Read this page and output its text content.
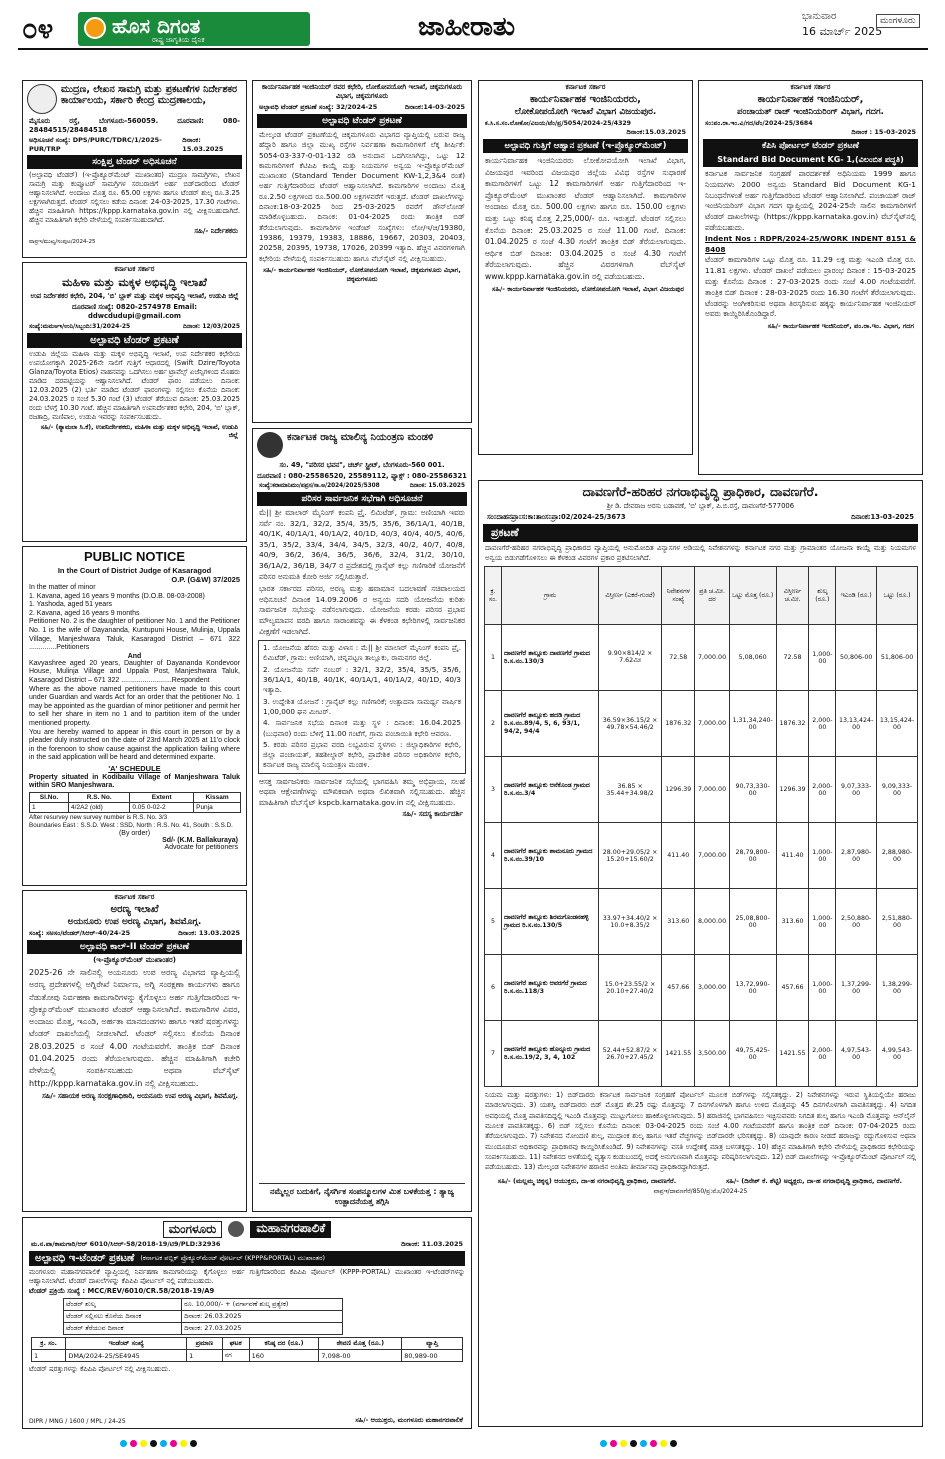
೦೪	ಹೊಸ ದಿಗಂತ
ರಾಷ್ಟ್ರ ಜಾಗೃತಿಯ ದೈನಿಕ	ಜಾಹೀರಾತು	ಭಾನುವಾರ
16 ಮಾರ್ಚ್ 2025
ಮಂಗಳೂರು
ಮುದ್ರಣ, ಲೇಖನ ಸಾಮಗ್ರಿ ಮತ್ತು ಪ್ರಕಟಣೆಗಳ ನಿರ್ದೇಶಕರ ಕಾರ್ಯಾಲಯ, ಸರ್ಕಾರಿ ಕೇಂದ್ರ ಮುದ್ರಣಾಲಯ,
ಮೈಸೂರು ರಸ್ತೆ, ಬೆಂಗಳೂರು-560059. ದೂರವಾಣಿ: 080-28484515/28484518
ಅಧಿಸೂಚನೆ ಸಂಖ್ಯೆ: DPS/PURC/TDRC/1/2025-PUR/TRP
ದಿನಾಂಕ: 15.03.2025
ಸಂಕ್ಷಿಪ್ತ ಟೆಂಡರ್ ಅಧಿಸೂಚನೆ
(ಅಲ್ಪಾವಧಿ ಟೆಂಡರ್) (ಇ-ಪ್ರೊಕ್ಯೂರ್‌ಮೆಂಟ್ ಮುಖಾಂತರ) ಮುದ್ರಣ ಸಾಮಗ್ರಿಗಳು, ಲೇಖನ ಸಾಮಗ್ರಿ ಮತ್ತು ಕಂಪ್ಯೂಟರ್ ಸಾಮಗ್ರಿಗಳ ಸರಬರಾಜಿಗೆ ಅರ್ಹ ಬಿಡ್‌ದಾರರಿಂದ ಟೆಂಡರ್ ಆಹ್ವಾನಿಸಲಾಗಿದೆ. ಅಂದಾಜು ಮೊತ್ತ ರೂ. 65.00 ಲಕ್ಷಗಳು ಹಾಗೂ ಟೆಂಡರ್ ಶುಲ್ಕ ರೂ.3.25 ಲಕ್ಷಗಳಾಗಿರುತ್ತದೆ. ಟೆಂಡರ್ ಸಲ್ಲಿಸಲು ಕಡೆಯ ದಿನಾಂಕ: 24-03-2025, 17.30 ಗಂಟೆಗಳು. ಹೆಚ್ಚಿನ ಮಾಹಿತಿಗಾಗಿ https://kppp.karnataka.gov.in ನಲ್ಲಿ ವೀಕ್ಷಿಸಬಹುದಾಗಿದೆ. ಹೆಚ್ಚಿನ ಮಾಹಿತಿಗಾಗಿ ಕಛೇರಿ ವೇಳೆಯಲ್ಲಿ ಸಂಪರ್ಕಿಸಬಹುದಾಗಿದೆ.
ಸಹಿ/- ನಿರ್ದೇಶಕರು
ವಾಪ್ರಇ/ಮುಖ್ಯ/ಸಂಪುಟ/2024-25
ಕರ್ನಾಟಕ ಸರ್ಕಾರ
ಮಹಿಳಾ ಮತ್ತು ಮಕ್ಕಳ ಅಭಿವೃದ್ಧಿ ಇಲಾಖೆ
ಉಪ ನಿರ್ದೇಶಕರ ಕಛೇರಿ, 204, 'ಬಿ' ಬ್ಲಾಕ್ ಮತ್ತು ಮಕ್ಕಳ ಅಭಿವೃದ್ಧಿ ಇಲಾಖೆ, ಉಡುಪಿ ಜಿಲ್ಲೆ
ದೂರವಾಣಿ ಸಂಖ್ಯೆ: 0820-2574978 Email: ddwcdudupi@gmail.com
ಸಂಖ್ಯೆ:ಮಮಅಇ/ಉನಿ/ಸಿಬ್ಬಂದಿ:31/2024-25	ದಿನಾಂಕ: 12/03/2025
ಅಲ್ಪಾವಧಿ ಟೆಂಡರ್ ಪ್ರಕಟಣೆ
ಉಡುಪಿ ಜಿಲ್ಲೆಯ ಮಹಿಳಾ ಮತ್ತು ಮಕ್ಕಳ ಅಭಿವೃದ್ಧಿ ಇಲಾಖೆ, ಉಪ ನಿರ್ದೇಶಕರ ಕಛೇರಿಯ ಉಪಯೋಗಕ್ಕಾಗಿ 2025-26ನೇ ಸಾಲಿಗೆ ಗುತ್ತಿಗೆ ಆಧಾರದಲ್ಲಿ (Swift Dzire/Toyota Glanza/Toyota Etios) ವಾಹನವನ್ನು ಒದಗಿಸಲು ಅರ್ಹ ಟ್ರಾವೆಲ್ಸ್ ಏಜೆನ್ಸಿಗಳಿಂದ ಮೊಹರು ಮಾಡಿದ ದರಪಟ್ಟಿಯನ್ನು ಆಹ್ವಾನಿಸಲಾಗಿದೆ. ಟೆಂಡರ್ ಫಾರಂ ಪಡೆಯಲು ದಿನಾಂಕ: 12.03.2025 (2) ಭರ್ತಿ ಮಾಡಿದ ಟೆಂಡರ್ ಫಾರಂಗಳನ್ನು ಸಲ್ಲಿಸಲು ಕೊನೆಯ ದಿನಾಂಕ: 24.03.2025 ರ ಸಂಜೆ 5.30 ಗಂಟೆ (3) ಟೆಂಡರ್ ತೆರೆಯುವ ದಿನಾಂಕ: 25.03.2025 ರಂದು ಬೆಳಗ್ಗೆ 10.30 ಗಂಟೆ. ಹೆಚ್ಚಿನ ಮಾಹಿತಿಗಾಗಿ ಉಪನಿರ್ದೇಶಕರ ಕಛೇರಿ, 204, 'ಬಿ' ಬ್ಲಾಕ್, ರಜತಾದ್ರಿ, ಮಣಿಪಾಲ, ಉಡುಪಿ ಇವರನ್ನು ಸಂಪರ್ಕಿಸಬಹುದು.
ಸಹಿ/- (ಶ್ಯಾಮಲಾ ಸಿ.ಕೆ), ಉಪನಿರ್ದೇಶಕರು, ಮಹಿಳಾ ಮತ್ತು ಮಕ್ಕಳ ಅಭಿವೃದ್ಧಿ ಇಲಾಖೆ, ಉಡುಪಿ ಜಿಲ್ಲೆ
PUBLIC NOTICE
In the Court of District Judge of Kasaragod
O.P. (G&W) 37/2025
In the matter of minor
1. Kavana, aged 16 years 9 months (D.O.B. 08-03-2008)
1. Yashoda, aged 51 years
2. Kavana, aged 16 years 9 months
Petitioner No. 2 is the daughter of petitioner No. 1 and the Petitioner No. 1 is the wife of Dayananda, Kuntupuni House, Mulinja, Uppala Village, Manjeshwara Taluk, Kasaragod District – 671 322 ..............Petitioners
And
Kavyashree aged 20 years, Daughter of Dayananda Kondevoor House, Mulinja Village and Uppala Post, Manjeshwara Taluk, Kasaragod District – 671 322 ..........................Respondent
Where as the above named petitioners have made to this court under Guardian and wards Act for an order that the petitioner No. 1 may be appointed as the guardian of minor petitioner and permit her to sell her share in item no 1 and to partition item of the under mentioned property.
You are hereby warned to appear in this court in person or by a pleader duly instructed on the date of 23rd March 2025 at 11'o clock in the forenoon to show cause against the application failing where in the said application will be heard and determined exparte.
'A' SCHEDULE
Property situated in Kodibailu Village of Manjeshwara Taluk within SRO Manjeshwara.
Sl.No.	R.S. No.	Extent	Kissam
1	4/2A2 (old)	0.05 0-02-2	Punja
After resurvey new survey number is R.S. No. 3/3
Boundaries East : S.S.D. West : SSD, North : R.S. No. 41, South : S.S.D.
(By order)
Sd/- (K.M. Ballakuraya)
Advocate for petitioners
ಕರ್ನಾಟಕ ಸರ್ಕಾರ
ಅರಣ್ಯ ಇಲಾಖೆ
ಅಯನೂರು ಉಪ ಅರಣ್ಯ ವಿಭಾಗ, ಶಿವಮೊಗ್ಗ.
ಸಂಖ್ಯೆ: ಸಅಸಂ/ಟೆಂಡರ್/ಸಿಆರ್-40/24-25	ದಿನಾಂಕ: 13.03.2025
ಅಲ್ಪಾವಧಿ ಕಾಲ್-II ಟೆಂಡರ್ ಪ್ರಕಟಣೆ
(ಇ-ಪ್ರೊಕ್ಯೂರ್‌ಮೆಂಟ್ ಮುಖಾಂತರ)
2025-26 ನೇ ಸಾಲಿನಲ್ಲಿ ಅಯನೂರು ಉಪ ಅರಣ್ಯ ವಿಭಾಗದ ವ್ಯಾಪ್ತಿಯಲ್ಲಿ ಅರಣ್ಯ ಪ್ರದೇಶಗಳಲ್ಲಿ ಅಗ್ನಿರೇಖೆ ನಿರ್ಮಾಣ, ಅಗ್ನಿ ಸಂರಕ್ಷಣಾ ಕಾರ್ಯಗಳು ಹಾಗೂ ನೆಡುತೋಪು ನಿರ್ವಹಣಾ ಕಾಮಗಾರಿಗಳನ್ನು ಕೈಗೊಳ್ಳಲು ಅರ್ಹ ಗುತ್ತಿಗೆದಾರರಿಂದ ಇ-ಪ್ರೊಕ್ಯೂರ್‌ಮೆಂಟ್ ಮುಖಾಂತರ ಟೆಂಡರ್ ಆಹ್ವಾನಿಸಲಾಗಿದೆ. ಕಾಮಗಾರಿಗಳ ವಿವರ, ಅಂದಾಜು ಮೊತ್ತ, ಇಎಂಡಿ, ಅರ್ಹತಾ ಮಾನದಂಡಗಳು ಹಾಗೂ ಇತರೆ ಷರತ್ತುಗಳನ್ನು ಟೆಂಡರ್ ದಾಖಲೆಯಲ್ಲಿ ನೀಡಲಾಗಿದೆ. ಟೆಂಡರ್ ಸಲ್ಲಿಸಲು ಕೊನೆಯ ದಿನಾಂಕ 28.03.2025 ರ ಸಂಜೆ 4.00 ಗಂಟೆಯವರೆಗೆ. ತಾಂತ್ರಿಕ ಬಿಡ್ ದಿನಾಂಕ 01.04.2025 ರಂದು ತೆರೆಯಲಾಗುವುದು. ಹೆಚ್ಚಿನ ಮಾಹಿತಿಗಾಗಿ ಕಚೇರಿ ವೇಳೆಯಲ್ಲಿ ಸಂಪರ್ಕಿಸಬಹುದು ಅಥವಾ ವೆಬ್‌ಸೈಟ್ http://kppp.karnataka.gov.in ನಲ್ಲಿ ವೀಕ್ಷಿಸಬಹುದು.
ಸಹಿ/- ಸಹಾಯಕ ಅರಣ್ಯ ಸಂರಕ್ಷಣಾಧಿಕಾರಿ, ಅಯನೂರು ಉಪ ಅರಣ್ಯ ವಿಭಾಗ, ಶಿವಮೊಗ್ಗ.
ಕಾರ್ಯನಿರ್ವಾಹಕ ಇಂಜಿನಿಯರ್ ರವರ ಕಛೇರಿ, ಲೋಕೋಪಯೋಗಿ ಇಲಾಖೆ, ಚಿಕ್ಕಮಗಳೂರು ವಿಭಾಗ, ಚಿಕ್ಕಮಗಳೂರು
ಅಲ್ಪಾವಧಿ ಟೆಂಡರ್ ಪ್ರಕಟಣೆ ಸಂಖ್ಯೆ: 32/2024-25	ದಿನಾಂಕ:14-03-2025
ಅಲ್ಪಾವಧಿ ಟೆಂಡರ್ ಪ್ರಕಟಣೆ
ಮೇಲ್ಕಂಡ ಟೆಂಡರ್ ಪ್ರಕಟಣೆಯಲ್ಲಿ ಚಿಕ್ಕಮಗಳೂರು ವಿಭಾಗದ ವ್ಯಾಪ್ತಿಯಲ್ಲಿ ಬರುವ ರಾಜ್ಯ ಹೆದ್ದಾರಿ ಹಾಗೂ ಜಿಲ್ಲಾ ಮುಖ್ಯ ರಸ್ತೆಗಳ ನಿರ್ವಹಣಾ ಕಾಮಗಾರಿಗಳಿಗೆ ಲೆಕ್ಕ ಶೀರ್ಷಿಕೆ: 5054-03-337-0-01-132 ರಡಿ ಅನುದಾನ ಒದಗಿಸಲಾಗಿದ್ದು, ಒಟ್ಟು 12 ಕಾಮಗಾರಿಗಳಿಗೆ ಕೆಟಿಪಿಪಿ ಕಾಯ್ದೆ ಮತ್ತು ನಿಯಮಗಳ ಅನ್ವಯ ಇ-ಪ್ರೊಕ್ಯೂರ್‌ಮೆಂಟ್ ಮುಖಾಂತರ (Standard Tender Document KW-1,2,3&4 ರಂತೆ) ಅರ್ಹ ಗುತ್ತಿಗೆದಾರರಿಂದ ಟೆಂಡರ್ ಆಹ್ವಾನಿಸಲಾಗಿದೆ. ಕಾಮಗಾರಿಗಳ ಅಂದಾಜು ಮೊತ್ತ ರೂ.2.50 ಲಕ್ಷಗಳಿಂದ ರೂ.500.00 ಲಕ್ಷಗಳವರೆಗೆ ಇರುತ್ತದೆ. ಟೆಂಡರ್ ದಾಖಲೆಗಳನ್ನು ದಿನಾಂಕ:18-03-2025 ರಿಂದ 25-03-2025 ರವರೆಗೆ ಡೌನ್‌ಲೋಡ್ ಮಾಡಿಕೊಳ್ಳಬಹುದು. ದಿನಾಂಕ: 01-04-2025 ರಂದು ತಾಂತ್ರಿಕ ಬಿಡ್ ತೆರೆಯಲಾಗುವುದು. ಕಾಮಗಾರಿಗಳ ಇಂಡೆಂಟ್ ಸಂಖ್ಯೆಗಳು: ಲೋ/ಇ/ಚಿ/19380, 19386, 19379, 19383, 18886, 19667, 20303, 20403, 20258, 20395, 19738, 17026, 20399 ಇತ್ಯಾದಿ. ಹೆಚ್ಚಿನ ವಿವರಗಳಿಗಾಗಿ ಕಛೇರಿಯ ವೇಳೆಯಲ್ಲಿ ಸಂಪರ್ಕಿಸಬಹುದು ಹಾಗೂ ವೆಬ್‌ಸೈಟ್ ನಲ್ಲಿ ವೀಕ್ಷಿಸಬಹುದು.
ಸಹಿ/- ಕಾರ್ಯನಿರ್ವಾಹಕ ಇಂಜಿನಿಯರ್, ಲೋಕೋಪಯೋಗಿ ಇಲಾಖೆ, ಚಿಕ್ಕಮಗಳೂರು ವಿಭಾಗ, ಚಿಕ್ಕಮಗಳೂರು
ಕರ್ನಾಟಕ ರಾಜ್ಯ ಮಾಲಿನ್ಯ ನಿಯಂತ್ರಣ ಮಂಡಳಿ
ಸಂ. 49, "ಪರಿಸರ ಭವನ", ಚರ್ಚ್ ಸ್ಟ್ರೀಟ್, ಬೆಂಗಳೂರು-560 001.
ದೂರವಾಣಿ : 080-25586520, 25589112, ಫ್ಯಾಕ್ಸ್ : 080-25586321
ಸಂಖ್ಯೆ:ಕರಾಮಾನಿಮಂ/ಪಪ್ರಸ/ಸಾ.ಅ/2024/2025/5308	ದಿನಾಂಕ: 15.03.2025
ಪರಿಸರ ಸಾರ್ವಜನಿಕ ಸಭೆಗಾಗಿ ಅಧಿಸೂಚನೆ
ಮೆ|| ಶ್ರೀ ಮಾಲಾರ್ ಮೈನಿಂಗ್ ಕಂಪನಿ ಪ್ರೈ. ಲಿಮಿಟೆಡ್, ಗ್ರಾಮ: ಅಣಿಯಾಗಿ ಇವರು ಸರ್ವೆ ನಂ. 32/1, 32/2, 35/4, 35/5, 35/6, 36/1A/1, 40/1B, 40/1K, 40/1A/1, 40/1A/2, 40/1D, 40/3, 40/4, 40/5, 40/6, 35/1, 35/2, 33/4, 34/4, 34/5, 32/3, 40/2, 40/7, 40/8, 40/9, 36/2, 36/4, 36/5, 36/6, 32/4, 31/2, 30/10, 36/1A/2, 36/1B, 34/7 ರ ಪ್ರದೇಶದಲ್ಲಿ ಗ್ರಾನೈಟ್ ಕಲ್ಲು ಗಣಿಗಾರಿಕೆ ಯೋಜನೆಗೆ ಪರಿಸರ ಅನುಮತಿ ಕೋರಿ ಅರ್ಜಿ ಸಲ್ಲಿಸಿರುತ್ತಾರೆ.
ಭಾರತ ಸರ್ಕಾರದ ಪರಿಸರ, ಅರಣ್ಯ ಮತ್ತು ಹವಾಮಾನ ಬದಲಾವಣೆ ಸಚಿವಾಲಯದ ಅಧಿಸೂಚನೆ ದಿನಾಂಕ 14.09.2006 ರ ಅನ್ವಯ ಸದರಿ ಯೋಜನೆಯ ಕುರಿತು ಸಾರ್ವಜನಿಕ ಸಭೆಯನ್ನು ನಡೆಸಲಾಗುವುದು. ಯೋಜನೆಯ ಕರಡು ಪರಿಸರ ಪ್ರಭಾವ ಮೌಲ್ಯಮಾಪನ ವರದಿ ಹಾಗೂ ಸಾರಾಂಶವನ್ನು ಈ ಕೆಳಕಂಡ ಕಛೇರಿಗಳಲ್ಲಿ ಸಾರ್ವಜನಿಕರ ವೀಕ್ಷಣೆಗೆ ಇಡಲಾಗಿದೆ.
1. ಯೋಜನೆಯ ಹೆಸರು ಮತ್ತು ವಿಳಾಸ : ಮೆ|| ಶ್ರೀ ಮಾಲಾರ್ ಮೈನಿಂಗ್ ಕಂಪನಿ ಪ್ರೈ. ಲಿಮಿಟೆಡ್, ಗ್ರಾಮ: ಅಣಿಯಾಗಿ, ಚನ್ನಪಟ್ಟಣ ತಾಲ್ಲೂಕು, ರಾಮನಗರ ಜಿಲ್ಲೆ.
2. ಯೋಜನೆಯ ಸರ್ವೆ ನಂಬರ್ : 32/1, 32/2, 35/4, 35/5, 35/6, 36/1A/1, 40/1B, 40/1K, 40/1A/1, 40/1A/2, 40/1D, 40/3 ಇತ್ಯಾದಿ.
3. ಉದ್ದೇಶಿತ ಯೋಜನೆ : ಗ್ರಾನೈಟ್ ಕಲ್ಲು ಗಣಿಗಾರಿಕೆ; ಉತ್ಪಾದನಾ ಸಾಮರ್ಥ್ಯ ವಾರ್ಷಿಕ 1,00,000 ಘನ ಮೀಟರ್.
4. ಸಾರ್ವಜನಿಕ ಸಭೆಯ ದಿನಾಂಕ ಮತ್ತು ಸ್ಥಳ : ದಿನಾಂಕ: 16.04.2025 (ಬುಧವಾರ) ರಂದು ಬೆಳಿಗ್ಗೆ 11.00 ಗಂಟೆಗೆ, ಗ್ರಾಮ ಪಂಚಾಯಿತಿ ಕಛೇರಿ ಆವರಣ.
5. ಕರಡು ಪರಿಸರ ಪ್ರಭಾವ ವರದಿ ಲಭ್ಯವಿರುವ ಸ್ಥಳಗಳು : ಜಿಲ್ಲಾಧಿಕಾರಿಗಳ ಕಛೇರಿ, ಜಿಲ್ಲಾ ಪಂಚಾಯತ್, ತಹಶೀಲ್ದಾರ್ ಕಛೇರಿ, ಪ್ರಾದೇಶಿಕ ಪರಿಸರ ಅಧಿಕಾರಿಗಳ ಕಛೇರಿ, ಕರ್ನಾಟಕ ರಾಜ್ಯ ಮಾಲಿನ್ಯ ನಿಯಂತ್ರಣ ಮಂಡಳಿ.
ಆಸಕ್ತ ಸಾರ್ವಜನಿಕರು ಸಾರ್ವಜನಿಕ ಸಭೆಯಲ್ಲಿ ಭಾಗವಹಿಸಿ ತಮ್ಮ ಅಭಿಪ್ರಾಯ, ಸಲಹೆ ಅಥವಾ ಆಕ್ಷೇಪಣೆಗಳನ್ನು ಮೌಖಿಕವಾಗಿ ಅಥವಾ ಲಿಖಿತವಾಗಿ ಸಲ್ಲಿಸಬಹುದು. ಹೆಚ್ಚಿನ ಮಾಹಿತಿಗಾಗಿ ವೆಬ್‌ಸೈಟ್ kspcb.karnataka.gov.in ನಲ್ಲಿ ವೀಕ್ಷಿಸಬಹುದು.
ಸಹಿ/- ಸದಸ್ಯ ಕಾರ್ಯದರ್ಶಿ
ನಮ್ಮೆಲ್ಲರ ಬದುಕಿಗೆ, ನೈಸರ್ಗಿಕ ಸಂಪನ್ಮೂಲಗಳ ಮಿತ ಬಳಕೆಯತ್ತ : ತ್ಯಾಜ್ಯ ಉತ್ಪಾದನೆಯತ್ತ ತಗ್ಗಿಸಿ
ಕರ್ನಾಟಕ ಸರ್ಕಾರ
ಕಾರ್ಯನಿರ್ವಾಹಕ ಇಂಜಿನಿಯರರು,
ಲೋಕೋಪಯೋಗಿ ಇಲಾಖೆ ವಿಭಾಗ ವಿಜಯಪುರ.
ಕ.ಸಿ.ಸ.ಸಂ.ಲೋಕೋ/ವಿಜಯ/ಟೆಂ/ಪ್ರ/5054/2024-25/4329
ದಿನಾಂಕ:15.03.2025
ಅಲ್ಪಾವಧಿ ಗುತ್ತಿಗೆ ಆಹ್ವಾನ ಪ್ರಕಟಣೆ (ಇ-ಪ್ರೊಕ್ಯೂರ್‌ಮೆಂಟ್)
ಕಾರ್ಯನಿರ್ವಾಹಕ ಇಂಜಿನಿಯರರು ಲೋಕೋಪಯೋಗಿ ಇಲಾಖೆ ವಿಭಾಗ, ವಿಜಯಪುರ ಇವರಿಂದ ವಿಜಯಪುರ ಜಿಲ್ಲೆಯ ವಿವಿಧ ರಸ್ತೆಗಳ ಸುಧಾರಣೆ ಕಾಮಗಾರಿಗಳಿಗೆ ಒಟ್ಟು 12 ಕಾಮಗಾರಿಗಳಿಗೆ ಅರ್ಹ ಗುತ್ತಿಗೆದಾರರಿಂದ ಇ-ಪ್ರೊಕ್ಯೂರ್‌ಮೆಂಟ್ ಮುಖಾಂತರ ಟೆಂಡರ್ ಆಹ್ವಾನಿಸಲಾಗಿದೆ. ಕಾಮಗಾರಿಗಳ ಅಂದಾಜು ಮೊತ್ತ ರೂ. 500.00 ಲಕ್ಷಗಳು ಹಾಗೂ ರೂ. 150.00 ಲಕ್ಷಗಳು ಮತ್ತು ಒಟ್ಟು ಕನಿಷ್ಠ ಮೊತ್ತ 2,25,000/- ರೂ. ಇರುತ್ತದೆ. ಟೆಂಡರ್ ಸಲ್ಲಿಸಲು ಕೊನೆಯ ದಿನಾಂಕ: 25.03.2025 ರ ಸಂಜೆ 11.00 ಗಂಟೆ. ದಿನಾಂಕ: 01.04.2025 ರ ಸಂಜೆ 4.30 ಗಂಟೆಗೆ ತಾಂತ್ರಿಕ ಬಿಡ್ ತೆರೆಯಲಾಗುವುದು. ಆರ್ಥಿಕ ಬಿಡ್ ದಿನಾಂಕ: 03.04.2025 ರ ಸಂಜೆ 4.30 ಗಂಟೆಗೆ ತೆರೆಯಲಾಗುವುದು. ಹೆಚ್ಚಿನ ವಿವರಗಳಿಗಾಗಿ ವೆಬ್‌ಸೈಟ್ www.kppp.karnataka.gov.in ರಲ್ಲಿ ಪಡೆಯಬಹುದು.
ಸಹಿ/- ಕಾರ್ಯನಿರ್ವಾಹಕ ಇಂಜಿನಿಯರರು, ಲೋಕೋಪಯೋಗಿ ಇಲಾಖೆ, ವಿಭಾಗ ವಿಜಯಪುರ
ಕರ್ನಾಟಕ ಸರ್ಕಾರ
ಕಾರ್ಯನಿರ್ವಾಹಕ ಇಂಜಿನಿಯರ್,
ಪಂಚಾಯತ್ ರಾಜ್ ಇಂಜಿನಿಯರಿಂಗ್ ವಿಭಾಗ, ಗದಗ.
ಸಂ:ಪಂ.ರಾ.ಇಂ.ವಿ/ಗದ/ಟೆಂ/2024-25/3684
ದಿನಾಂಕ : 15-03-2025
ಕೆಪಿಸಿ ಪೋರ್ಟಲ್ ಟೆಂಡರ್ ಪ್ರಕಟಣೆ
Standard Bid Document KG- 1,(ವಿಲಂಬಿತ ಪದ್ಧತಿ)
ಕರ್ನಾಟಕ ಸಾರ್ವಜನಿಕ ಸಂಗ್ರಹಣೆ ಪಾರದರ್ಶಕತೆ ಅಧಿನಿಯಮ 1999 ಹಾಗೂ ನಿಯಮಗಳು 2000 ಅನ್ವಯ Standard Bid Document KG-1 ನಿಬಂಧನೆಗಳಂತೆ ಅರ್ಹ ಗುತ್ತಿಗೆದಾರರಿಂದ ಟೆಂಡರ್ ಆಹ್ವಾನಿಸಲಾಗಿದೆ. ಪಂಚಾಯತ್ ರಾಜ್ ಇಂಜಿನಿಯರಿಂಗ್ ವಿಭಾಗ ಗದಗ ವ್ಯಾಪ್ತಿಯಲ್ಲಿ 2024-25ನೇ ಸಾಲಿನ ಕಾಮಗಾರಿಗಳಿಗೆ ಟೆಂಡರ್ ದಾಖಲೆಗಳನ್ನು (https://kppp.karnataka.gov.in) ವೆಬ್‌ಸೈಟ್‌ನಲ್ಲಿ ಪಡೆಯಬಹುದು.
Indent Nos : RDPR/2024-25/WORK_INDENT 8151 & 8408
ಟೆಂಡರ್ ಕಾಮಗಾರಿಗಳ ಒಟ್ಟು ಮೊತ್ತ ರೂ. 11.29 ಲಕ್ಷ ಮತ್ತು ಇಎಂಡಿ ಮೊತ್ತ ರೂ. 11.81 ಲಕ್ಷಗಳು. ಟೆಂಡರ್ ದಾಖಲೆ ಪಡೆಯಲು ಪ್ರಾರಂಭ ದಿನಾಂಕ : 15-03-2025 ಮತ್ತು ಕೊನೆಯ ದಿನಾಂಕ : 27-03-2025 ರಂದು ಸಂಜೆ 4.00 ಗಂಟೆಯವರೆಗೆ. ತಾಂತ್ರಿಕ ಬಿಡ್ ದಿನಾಂಕ : 28-03-2025 ರಂದು 16.30 ಗಂಟೆಗೆ ತೆರೆಯಲಾಗುವುದು. ಟೆಂಡರನ್ನು ಅಂಗೀಕರಿಸುವ ಅಥವಾ ತಿರಸ್ಕರಿಸುವ ಹಕ್ಕನ್ನು ಕಾರ್ಯನಿರ್ವಾಹಕ ಇಂಜಿನಿಯರ್ ಅವರು ಕಾಯ್ದಿರಿಸಿಕೊಂಡಿದ್ದಾರೆ.
ಸಹಿ/- ಕಾರ್ಯನಿರ್ವಾಹಕ ಇಂಜಿನಿಯರ್, ಪಂ.ರಾ.ಇಂ. ವಿಭಾಗ, ಗದಗ
ದಾವಣಗೆರೆ-ಹರಿಹರ ನಗರಾಭಿವೃದ್ಧಿ ಪ್ರಾಧಿಕಾರ, ದಾವಣಗೆರೆ.
ಶ್ರೀ ಡಿ. ದೇವರಾಜ ಅರಸು ಬಡಾವಣೆ, 'ಬಿ' ಬ್ಲಾಕ್, ಪಿ.ಬಿ.ರಸ್ತೆ, ದಾವಣಗೆರೆ-577006
ಸಂ:ದಾಹನಪ್ರಾ:ಸ:ಕಾ:ತಾಂಸ:ಪ್ರಾ:02/2024-25/3673	ದಿನಾಂಕ:13-03-2025
ಪ್ರಕಟಣೆ
ದಾವಣಗೆರೆ-ಹರಿಹರ ನಗರಾಭಿವೃದ್ಧಿ ಪ್ರಾಧಿಕಾರದ ವ್ಯಾಪ್ತಿಯಲ್ಲಿ ಅನುಮೋದಿತ ವಿನ್ಯಾಸಗಳ ಅಡಿಯಲ್ಲಿ ನಿವೇಶನಗಳನ್ನು ಕರ್ನಾಟಕ ನಗರ ಮತ್ತು ಗ್ರಾಮಾಂತರ ಯೋಜನಾ ಕಾಯ್ದೆ ಮತ್ತು ನಿಯಮಗಳ ಅನ್ವಯ ಬಿಡುಗಡೆಗೊಳಿಸಲು ಈ ಕೆಳಕಂಡ ವಿವರಗಳ ಪ್ರಕಾರ ಪ್ರಕಟಿಸಲಾಗಿದೆ.
ಕ್ರ. ಸಂ.	ಗ್ರಾಮ	ವಿಸ್ತೀರ್ಣ (ಎಕರೆ-ಗುಂಟೆ)	ನಿವೇಶನಗಳ ಸಂಖ್ಯೆ	ಪ್ರತಿ ಚ.ಮೀ. ದರ	ಒಟ್ಟು ಮೊತ್ತ (ರೂ.)	ವಿಸ್ತೀರ್ಣ ಚ.ಮೀ.	ಶುಲ್ಕ (ರೂ.)	ಇಎಂಡಿ (ರೂ.)	ಒಟ್ಟು (ರೂ.)
1	ದಾವಣಗೆರೆ ತಾಲ್ಲೂಕು ದಾವಣಗೆರೆ ಗ್ರಾಮದ ರಿ.ಸ.ನಂ.130/3	9.90×814/2 × 7.62ಮೀ	72.58	7,000.00	5,08,060	72.58	1,000-00	50,806-00	51,806-00
2	ದಾವಣಗೆರೆ ತಾಲ್ಲೂಕು ಹದಡಿ ಗ್ರಾಮದ ರಿ.ಸ.ನಂ.89/4, 5, 6, 93/1, 94/2, 94/4	36.59×36.15/2 × 49.78×54.46/2	1876.32	7,000.00	1,31,34,240-00	1876.32	2,000-00	13,13,424-00	13,15,424-00
3	ದಾವಣಗೆರೆ ತಾಲ್ಲೂಕು ಆನೆಕೊಂಡ ಗ್ರಾಮದ ರಿ.ಸ.ನಂ.3/4	36.85 × 35.44+34.98/2	1296.39	7,000.00	90,73,330-00	1296.39	2,000-00	9,07,333-00	9,09,333-00
4	ದಾವಣಗೆರೆ ತಾಲ್ಲೂಕು ಶಾಮನೂರು ಗ್ರಾಮದ ರಿ.ಸ.ನಂ.39/10	28.00+29.05/2 × 15.20+15.60/2	411.40	7,000.00	28,79,800-00	411.40	1,000-00	2,87,980-00	2,88,980-00
5	ದಾವಣಗೆರೆ ತಾಲ್ಲೂಕು ಶಿರಮಗೊಂಡನಹಳ್ಳಿ ಗ್ರಾಮದ ರಿ.ಸ.ನಂ.130/5	33.97+34.40/2 × 10.0+8.35/2	313.60	8,000.00	25,08,800-00	313.60	1,000-00	2,50,880-00	2,51,880-00
6	ದಾವಣಗೆರೆ ತಾಲ್ಲೂಕು ಆವರಗೆರೆ ಗ್ರಾಮದ ರಿ.ಸ.ನಂ.118/3	15.0+23.55/2 × 20.10+27.40/2	457.66	3,000.00	13,72,990-00	457.66	1,000-00	1,37,299-00	1,38,299-00
7	ದಾವಣಗೆರೆ ತಾಲ್ಲೂಕು ಹೊನ್ನೂರು ಗ್ರಾಮದ ರಿ.ಸ.ನಂ.19/2, 3, 4, 102	52.44+52.87/2 × 26.70+27.45/2	1421.55	3,500.00	49,75,425-00	1421.55	2,000-00	4,97,543-00	4,99,543-00
ನಿಯಮ ಮತ್ತು ಷರತ್ತುಗಳು: 1) ಬಿಡ್‌ದಾರರು ಕರ್ನಾಟಕ ಸಾರ್ವಜನಿಕ ಸಂಗ್ರಹಣೆ ಪೋರ್ಟಲ್ ಮೂಲಕ ಬಿಡ್‌ಗಳನ್ನು ಸಲ್ಲಿಸತಕ್ಕದ್ದು. 2) ನಿವೇಶನಗಳನ್ನು ಇರುವ ಸ್ಥಿತಿಯಲ್ಲಿಯೇ ಹರಾಜು ಮಾಡಲಾಗುವುದು. 3) ಯಶಸ್ವಿ ಬಿಡ್‌ದಾರರು ಬಿಡ್ ಮೊತ್ತದ ಶೇ.25 ರಷ್ಟು ಮೊತ್ತವನ್ನು 7 ದಿನಗಳೊಳಗಾಗಿ ಹಾಗೂ ಉಳಿದ ಮೊತ್ತವನ್ನು 45 ದಿನಗಳೊಳಗಾಗಿ ಪಾವತಿಸತಕ್ಕದ್ದು. 4) ನಿಗದಿತ ಅವಧಿಯಲ್ಲಿ ಮೊತ್ತ ಪಾವತಿಸದಿದ್ದಲ್ಲಿ ಇಎಂಡಿ ಮೊತ್ತವನ್ನು ಮುಟ್ಟುಗೋಲು ಹಾಕಿಕೊಳ್ಳಲಾಗುವುದು. 5) ಹರಾಜಿನಲ್ಲಿ ಭಾಗವಹಿಸಲು ಇಚ್ಛಿಸುವವರು ನಿಗದಿತ ಶುಲ್ಕ ಹಾಗೂ ಇಎಂಡಿ ಮೊತ್ತವನ್ನು ಆನ್‌ಲೈನ್ ಮೂಲಕ ಪಾವತಿಸತಕ್ಕದ್ದು. 6) ಬಿಡ್ ಸಲ್ಲಿಸಲು ಕೊನೆಯ ದಿನಾಂಕ: 03-04-2025 ರಂದು ಸಂಜೆ 4.00 ಗಂಟೆಯವರೆಗೆ ಹಾಗೂ ತಾಂತ್ರಿಕ ಬಿಡ್ ದಿನಾಂಕ: 07-04-2025 ರಂದು ತೆರೆಯಲಾಗುವುದು. 7) ನಿವೇಶನದ ನೋಂದಣಿ ಶುಲ್ಕ, ಮುದ್ರಾಂಕ ಶುಲ್ಕ ಹಾಗೂ ಇತರೆ ವೆಚ್ಚಗಳನ್ನು ಬಿಡ್‌ದಾರರೇ ಭರಿಸತಕ್ಕದ್ದು. 8) ಯಾವುದೇ ಕಾರಣ ನೀಡದೆ ಹರಾಜನ್ನು ರದ್ದುಗೊಳಿಸುವ ಅಥವಾ ಮುಂದೂಡುವ ಅಧಿಕಾರವನ್ನು ಪ್ರಾಧಿಕಾರವು ಕಾಯ್ದಿರಿಸಿಕೊಂಡಿದೆ. 9) ನಿವೇಶನಗಳನ್ನು ವಸತಿ ಉದ್ದೇಶಕ್ಕೆ ಮಾತ್ರ ಬಳಸತಕ್ಕದ್ದು. 10) ಹೆಚ್ಚಿನ ಮಾಹಿತಿಗಾಗಿ ಕಛೇರಿ ವೇಳೆಯಲ್ಲಿ ಪ್ರಾಧಿಕಾರದ ಕಛೇರಿಯನ್ನು ಸಂಪರ್ಕಿಸಬಹುದು. 11) ನಿವೇಶನದ ಅಳತೆಯಲ್ಲಿ ವ್ಯತ್ಯಾಸ ಕಂಡುಬಂದಲ್ಲಿ ಅದಕ್ಕೆ ಅನುಗುಣವಾಗಿ ಮೊತ್ತವನ್ನು ಪರಿಷ್ಕರಿಸಲಾಗುವುದು. 12) ಬಿಡ್ ದಾಖಲೆಗಳನ್ನು ಇ-ಪ್ರೊಕ್ಯೂರ್‌ಮೆಂಟ್ ಪೋರ್ಟಲ್ ನಲ್ಲಿ ಪಡೆಯಬಹುದು. 13) ಮೇಲ್ಕಂಡ ನಿವೇಶನಗಳ ಹರಾಜಿನ ಅಂತಿಮ ತೀರ್ಮಾನವು ಪ್ರಾಧಿಕಾರದ್ದಾಗಿರುತ್ತದೆ.
ಸಹಿ/- (ಮಲ್ಲಮ್ಮ ಚಿಕ್ಕನ್ನ) ಆಯುಕ್ತರು, ದಾ-ಹ ನಗರಾಭಿವೃದ್ಧಿ ಪ್ರಾಧಿಕಾರ, ದಾವಣಗೆರೆ.	ಸಹಿ/- (ದಿನೇಶ್ ಕೆ. ಶೆಟ್ಟಿ) ಅಧ್ಯಕ್ಷರು, ದಾ-ಹ ನಗರಾಭಿವೃದ್ಧಿ ಪ್ರಾಧಿಕಾರ, ದಾವಣಗೆರೆ.
ವಾಪ್ರಇ/ದಾವಣಗೆರೆ/850/ಪ್ರ:ಮೊ/2024-25
ಮಂಗಳೂರು	ಮಹಾನಗರಪಾಲಿಕೆ
ಮ.ನ.ಪಾ/ಕಾಮಗಾರಿ/ಆರ್ 6010/ಸಿಆರ್-58/2018-19/ಟಿ9/PLD:32936	ದಿನಾಂಕ: 11.03.2025
ಅಲ್ಪಾವಧಿ ಇ-ಟೆಂಡರ್ ಪ್ರಕಟಣೆ (ಕರ್ನಾಟಕ ಪಬ್ಲಿಕ್ ಪ್ರೊಕ್ಯೂರ್‌ಮೆಂಟ್ ಪೋರ್ಟಲ್ (KPPP&PORTAL) ಮುಖಾಂತರ)
ಮಂಗಳೂರು ಮಹಾನಗರಪಾಲಿಕೆ ವ್ಯಾಪ್ತಿಯಲ್ಲಿ ನಿರ್ವಹಣಾ ಕಾಮಗಾರಿಯನ್ನು ಕೈಗೊಳ್ಳಲು ಅರ್ಹ ಗುತ್ತಿಗೆದಾರರಿಂದ ಕೆಪಿಪಿಪಿ ಪೋರ್ಟಲ್ (KPPP-PORTAL) ಮುಖಾಂತರ ಇ-ಟೆಂಡರ್‌ಗಳನ್ನು ಆಹ್ವಾನಿಸಲಾಗಿದೆ. ಟೆಂಡರ್ ದಾಖಲೆಗಳನ್ನು ಕೆಪಿಪಿಪಿ ಪೋರ್ಟಲ್ ನಲ್ಲಿ ಪಡೆಯಬಹುದು.
ಟೆಂಡರ್ ಪ್ರಕ್ರಿಯೆ ಸಂಖ್ಯೆ : MCC/REV/6010/CR.58/2018-19/A9
ಟೆಂಡರ್ ಶುಲ್ಕ	ರೂ. 10,000/- + (ವರ್ಗಾವಣೆ ಶುಲ್ಕ ಪ್ರತ್ಯೇಕ)
ಟೆಂಡರ್ ಸಲ್ಲಿಸಲು ಕೊನೆಯ ದಿನಾಂಕ	ದಿನಾಂಕ: 26.03.2025
ಟೆಂಡರ್ ತೆರೆಯುವ ದಿನಾಂಕ	ದಿನಾಂಕ: 27.03.2025
ಕ್ರ. ಸಂ.	ಇಂಡೆಂಟ್ ಸಂಖ್ಯೆ	ಪ್ರಮಾಣ	ಘಟಕ	ಕನಿಷ್ಠ ದರ (ರೂ.)	ಠೇವಣಿ ಮೊತ್ತ (ರೂ.)	ವ್ಯಾಪ್ತಿ
1	DMA/2024-25/SE4945	1	ನಗ	160	7,098-00	80,989-00
ಟೆಂಡರ್ ಷರತ್ತುಗಳನ್ನು ಕೆಪಿಪಿಪಿ ಪೋರ್ಟಲ್ ನಲ್ಲಿ ವೀಕ್ಷಿಸಬಹುದು.
DIPR / MNG / 1600 / MPL / 24-25	ಸಹಿ/- ಆಯುಕ್ತರು, ಮಂಗಳೂರು ಮಹಾನಗರಪಾಲಿಕೆ
